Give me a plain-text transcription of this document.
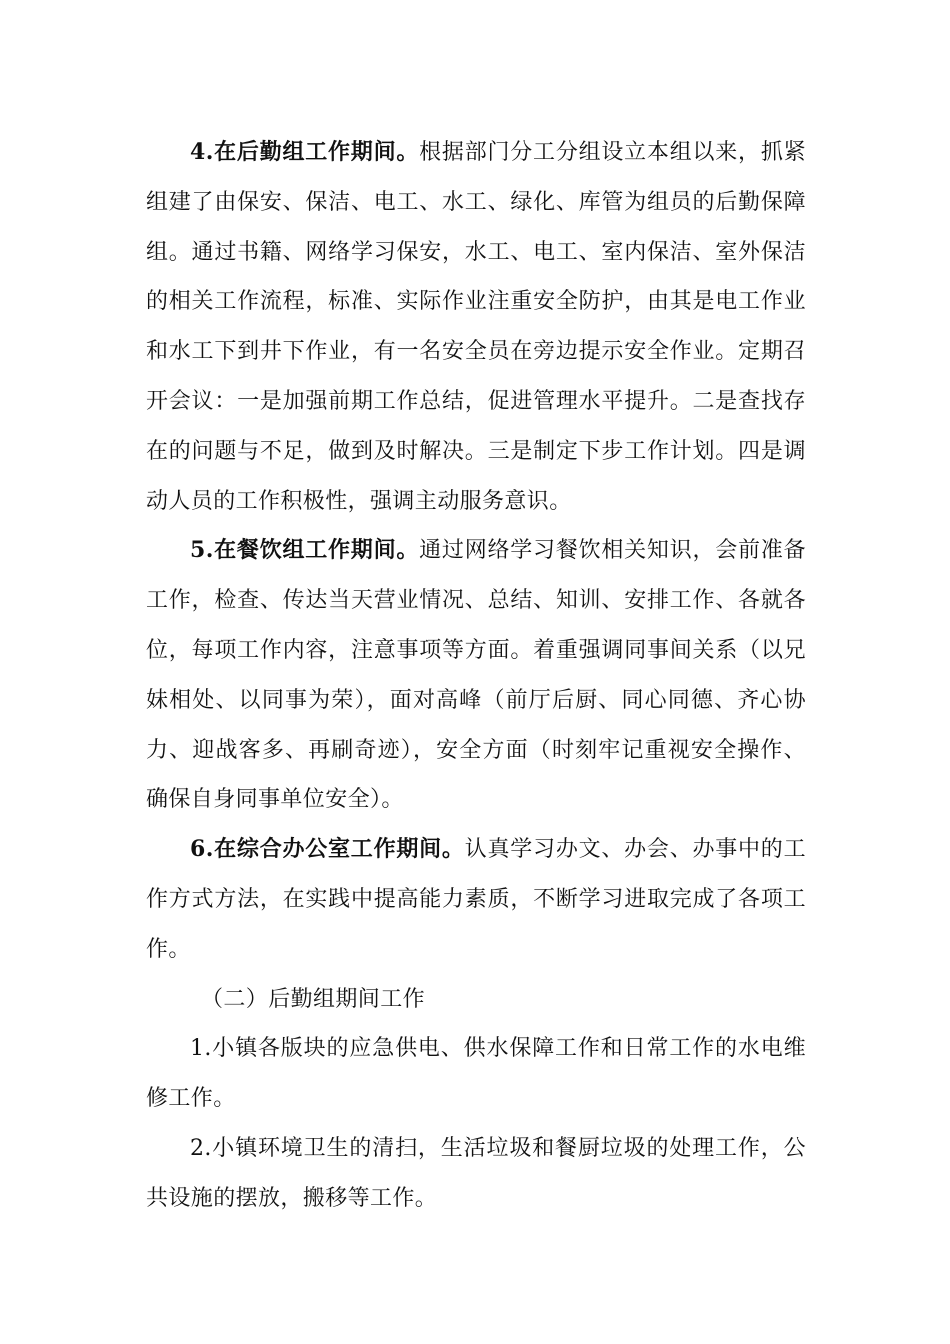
4.在后勤组工作期间。根据部门分工分组设立本组以来，抓紧组建了由保安、保洁、电工、水工、绿化、库管为组员的后勤保障组。通过书籍、网络学习保安，水工、电工、室内保洁、室外保洁的相关工作流程，标准、实际作业注重安全防护，由其是电工作业和水工下到井下作业，有一名安全员在旁边提示安全作业。定期召开会议：一是加强前期工作总结，促进管理水平提升。二是查找存在的问题与不足，做到及时解决。三是制定下步工作计划。四是调动人员的工作积极性，强调主动服务意识。

5.在餐饮组工作期间。通过网络学习餐饮相关知识，会前准备工作，检查、传达当天营业情况、总结、知训、安排工作、各就各位，每项工作内容，注意事项等方面。着重强调同事间关系（以兄妹相处、以同事为荣），面对高峰（前厅后厨、同心同德、齐心协力、迎战客多、再刷奇迹），安全方面（时刻牢记重视安全操作、确保自身同事单位安全）。

6.在综合办公室工作期间。认真学习办文、办会、办事中的工作方式方法，在实践中提高能力素质，不断学习进取完成了各项工作。

（二）后勤组期间工作

1.小镇各版块的应急供电、供水保障工作和日常工作的水电维修工作。

2.小镇环境卫生的清扫，生活垃圾和餐厨垃圾的处理工作，公共设施的摆放，搬移等工作。
